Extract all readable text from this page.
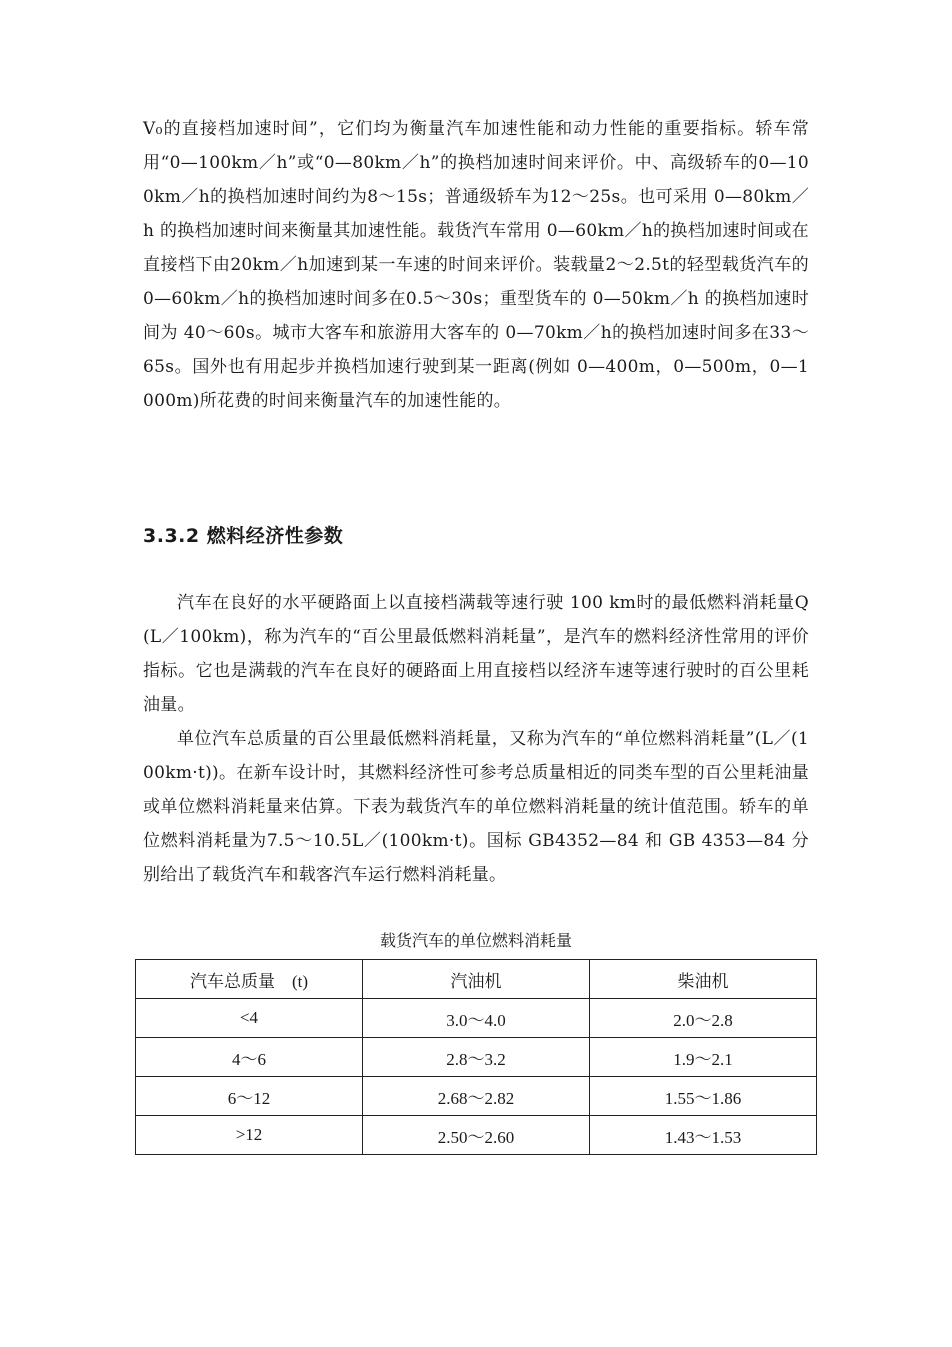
V₀的直接档加速时间”，它们均为衡量汽车加速性能和动力性能的重要指标。轿车常用“0—100km／h”或“0—80km／h”的换档加速时间来评价。中、高级轿车的0—100km／h的换档加速时间约为8～15s；普通级轿车为12～25s。也可采用 0—80km／h 的换档加速时间来衡量其加速性能。载货汽车常用 0—60km／h的换档加速时间或在直接档下由20km／h加速到某一车速的时间来评价。装载量2～2.5t的轻型载货汽车的0—60km／h的换档加速时间多在0.5～30s；重型货车的 0—50km／h 的换档加速时间为 40～60s。城市大客车和旅游用大客车的 0—70km／h的换档加速时间多在33～65s。国外也有用起步并换档加速行驶到某一距离(例如 0—400m，0—500m，0—1000m)所花费的时间来衡量汽车的加速性能的。

3.3.2 燃料经济性参数

汽车在良好的水平硬路面上以直接档满载等速行驶 100 km时的最低燃料消耗量Q(L／100km)，称为汽车的“百公里最低燃料消耗量”，是汽车的燃料经济性常用的评价指标。它也是满载的汽车在良好的硬路面上用直接档以经济车速等速行驶时的百公里耗油量。

单位汽车总质量的百公里最低燃料消耗量，又称为汽车的“单位燃料消耗量”(L／(100km·t))。在新车设计时，其燃料经济性可参考总质量相近的同类车型的百公里耗油量或单位燃料消耗量来估算。下表为载货汽车的单位燃料消耗量的统计值范围。轿车的单位燃料消耗量为7.5～10.5L／(100km·t)。国标 GB4352—84 和 GB 4353—84 分别给出了载货汽车和载客汽车运行燃料消耗量。

载货汽车的单位燃料消耗量
汽车总质量　(t)	汽油机	柴油机
<4	3.0～4.0	2.0～2.8
4～6	2.8～3.2	1.9～2.1
6～12	2.68～2.82	1.55～1.86
>12	2.50～2.60	1.43～1.53
